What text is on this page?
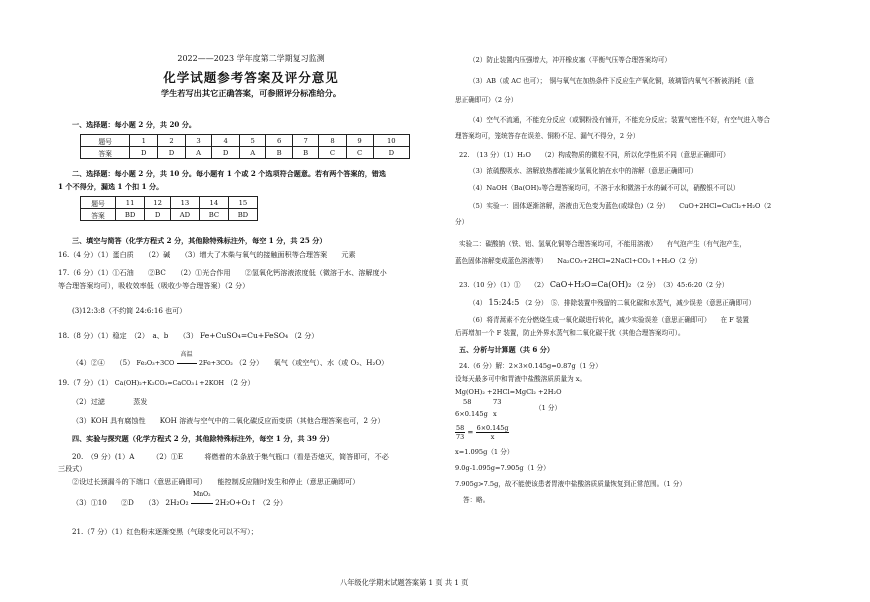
2022——2023 学年度第二学期复习监测
化学试题参考答案及评分意见
学生若写出其它正确答案，可参照评分标准给分。
一、选择题：每小题 2 分，共 20 分。
题号	1	2	3	4	5	6	7	8	9	10
答案	D	D	A	D	A	B	B	C	C	D
二、选择题：每小题 2 分，共 10 分。每小题有 1 个或 2 个选项符合题意。若有两个答案的，错选
1 个不得分，漏选 1 个扣 1 分。
题号	11	12	13	14	15
答案	BD	D	AD	BC	BD
三、填空与简答（化学方程式 2 分，其他除特殊标注外，每空 1 分，共 25 分）
16.（4 分）（1）蛋白质　　（2）碱　　（3）增大了木柴与氧气的接触面积等合理答案　　元素
17.（6 分）（1）①石油　　②BC　　（2）①光合作用　　②氢氧化钙溶液浓度低（微溶于水、溶解度小
等合理答案均可），吸收效率低（吸收少等合理答案）（2 分）
(3)12:3:8（不约简 24:6:16 也可）
18.（8 分）（1）稳定　（2）　a、b　　（3） Fe+CuSO₄=Cu+FeSO₄ （2 分）
（4）②④　　（5） Fe₂O₃+3CO
高温
2Fe+3CO₂ （2 分）　　氧气（或空气）、水（或 O₂、H₂O）
19.（7 分）（1） Ca(OH)₂+K₂CO₃=CaCO₃↓+2KOH （2 分）
（2）过滤　　　　蒸发
（3）KOH 具有腐蚀性　　KOH 溶液与空气中的二氧化碳反应而变质（其他合理答案也可，2 分）
四、实验与探究题（化学方程式 2 分，其他除特殊标注外，每空 1 分，共 39 分）
20.　（9 分）(1）A　　　（2）①E　　　将燃着的木条放于集气瓶口（看是否熄灭，简答即可，不必
三段式）
②设过长颈漏斗的下端口（意思正确即可）　　能控制反应随时发生和停止（意思正确即可）
（3）①10　　②D　　（3） 2H₂O₂
MnO₂
2H₂O+O₂↑ （2 分）
21.（7 分）（1）红色粉末逐渐变黑（气球变化可以不写）；
（2）防止装置内压强增大，冲开橡皮塞（平衡气压等合理答案均可）
（3）AB（或 AC 也可）；　铜与氧气在加热条件下反应生产氧化铜，玻璃管内氧气不断被消耗（意
思正确即可）（2 分）
（4）空气不流通，不能充分反应（或铜粉没有铺开，不能充分反应；装置气密性不好，有空气进入等合
理答案均可，笼统答存在误差、铜粉不足、漏气不得分，2 分）
22.　（13 分）（1）H₂O　　（2）构成物质的微粒不同，所以化学性质不同（意思正确即可）
（3）浓硫酸吸水、溶解放热都能减少氢氧化钠在水中的溶解（意思正确即可）
（4）NaOH（Ba(OH)₂等合理答案均可，不溶于水和微溶于水的碱不可以，硝酸银不可以）
（5）实验一：固体逐渐溶解，溶液由无色变为蓝色(或绿色)（2 分）　　CuO+2HCl=CuCl₂+H₂O（2
分）
实验二：碳酸钠（铁、铝、氢氧化铜等合理答案均可，不能用溶液）　　有气泡产生（有气泡产生，
蓝色固体溶解变成蓝色溶液等）　　Na₂CO₃+2HCl=2NaCl+CO₂↑+H₂O（2 分）
23.（10 分）（1）①　　（2） CaO+H₂O=Ca(OH)₂ （2 分）　（3）45:6:20（2 分）
（4） 15:24:5 （2 分）　⑤．排除装置中残留的二氧化碳和水蒸气，减少误差（意思正确即可）
（6）将青蒿素不充分燃烧生成一氧化碳进行转化，减少实验误差（意思正确即可）　　在 F 装置
后再增加一个 F 装置，防止外界水蒸气和二氧化碳干扰（其他合理答案均可）。
五、分析与计算题（共 6 分）
24.（6 分）解：2×3×0.145g=0.87g（1 分）
设每天最多可中和胃液中盐酸溶质质量为 x。
Mg(OH)₂ +2HCl=MgCl₂ +2H₂O
58	73
（1 分）
6×0.145g x
$\frac{58}{73} = \frac{6\times 0.145g}{x}$
x=1.095g（1 分）
9.0g-1.095g=7.905g（1 分）
7.905g>7.5g，故不能使该患者胃液中盐酸溶质质量恢复到正常范围。（1 分）
答：略。
八年级化学期末试题答案第 1 页 共 1 页
